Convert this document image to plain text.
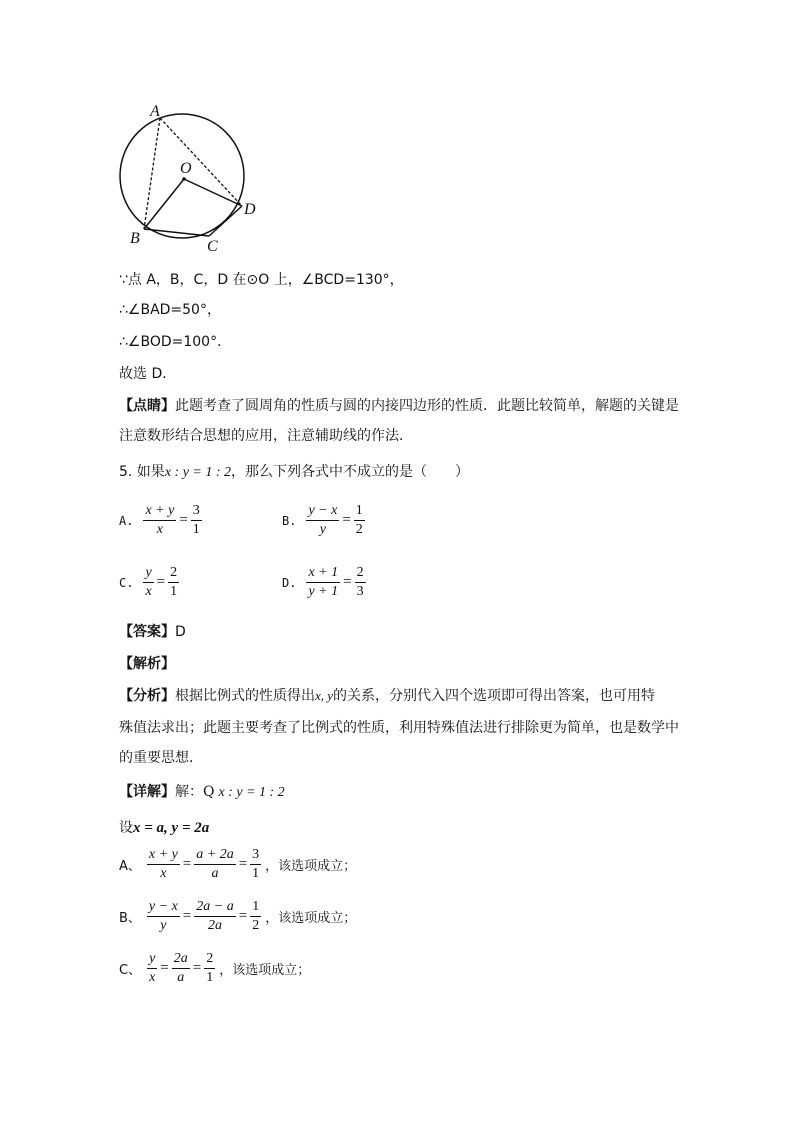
A
O
B	C
D
∵点 A，B，C，D 在⊙O 上，∠BCD=130°，
∴∠BAD=50°，
∴∠BOD=100°．
故选 D．
【点睛】此题考查了圆周角的性质与圆的内接四边形的性质．此题比较简单，解题的关键是
注意数形结合思想的应用，注意辅助线的作法．
5. 如果x : y = 1 : 2，那么下列各式中不成立的是（　　）
A. $\frac{x + y}{x} = \frac{3}{1}$	B. $\frac{y - x}{y} = \frac{1}{2}$
C. $\frac{y}{x} = \frac{2}{1}$	D. $\frac{x + 1}{y + 1} = \frac{2}{3}$
【答案】D
【解析】
【分析】根据比例式的性质得出x, y的关系，分别代入四个选项即可得出答案，也可用特
殊值法求出；此题主要考查了比例式的性质，利用特殊值法进行排除更为简单，也是数学中
的重要思想．
【详解】解：Q x : y = 1 : 2
设x = a, y = 2a
A、 $\frac{x + y}{x} = \frac{a + 2a}{a} = \frac{3}{1}$ ，该选项成立；
B、 $\frac{y - x}{y} = \frac{2a - a}{2a} = \frac{1}{2}$ ，该选项成立；
C、 $\frac{y}{x} = \frac{2a}{a} = \frac{2}{1}$ ，该选项成立；
